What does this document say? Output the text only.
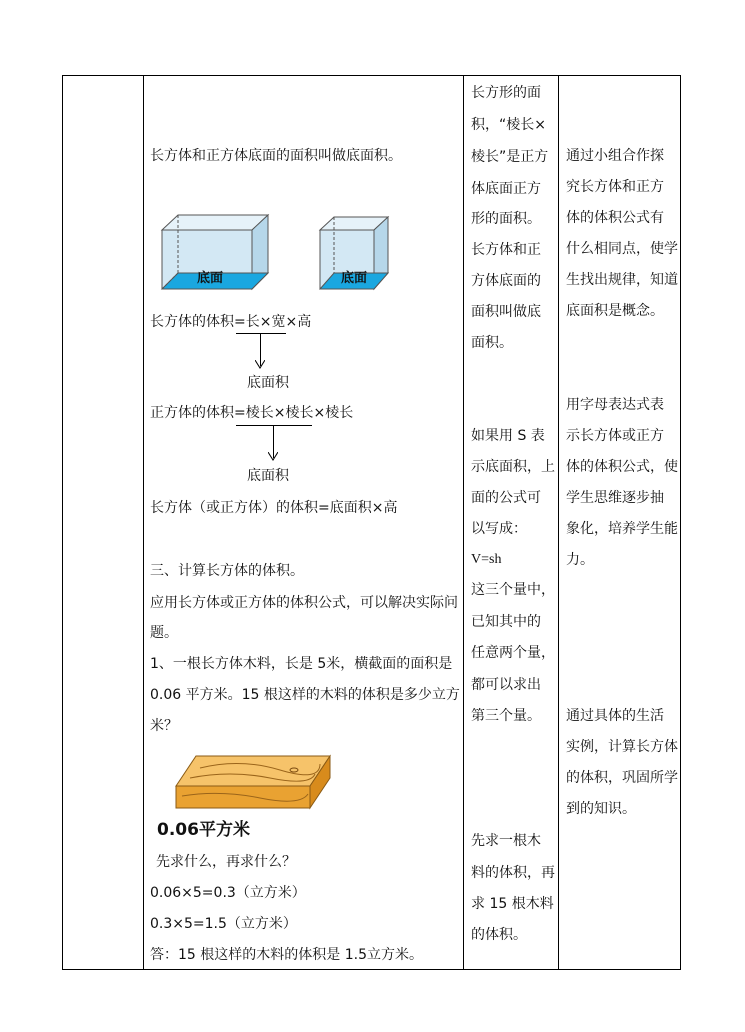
长方体和正方体底面的面积叫做底面积。
底面	底面
长方体的体积=长×宽×高
底面积
正方体的体积=棱长×棱长×棱长
底面积
长方体（或正方体）的体积=底面积×高
三、计算长方体的体积。
应用长方体或正方体的体积公式，可以解决实际问
题。
1、一根长方体木料，长是 5米，横截面的面积是
0.06 平方米。15 根这样的木料的体积是多少立方
米？
0.06平方米
先求什么，再求什么？
0.06×5=0.3（立方米）
0.3×5=1.5（立方米）
答：15 根这样的木料的体积是 1.5立方米。
长方形的面
积，“棱长×
棱长”是正方
体底面正方
形的面积。
长方体和正
方体底面的
面积叫做底
面积。
如果用 S 表
示底面积，上
面的公式可
以写成：
V=sh
这三个量中，
已知其中的
任意两个量，
都可以求出
第三个量。
先求一根木
料的体积，再
求 15 根木料
的体积。
通过小组合作探
究长方体和正方
体的体积公式有
什么相同点，使学
生找出规律，知道
底面积是概念。
用字母表达式表
示长方体或正方
体的体积公式，使
学生思维逐步抽
象化，培养学生能
力。
通过具体的生活
实例，计算长方体
的体积，巩固所学
到的知识。
